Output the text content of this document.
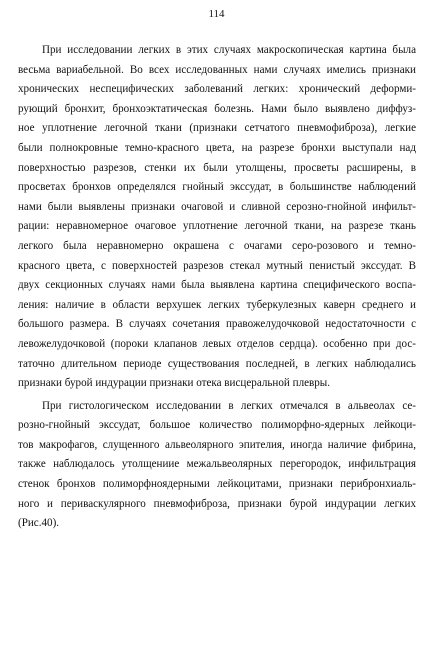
114
При исследовании легких в этих случаях макроскопическая картина была
весьма вариабельной. Во всех исследованных нами случаях имелись признаки
хронических неспецифических заболеваний легких: хронический деформи-
рующий бронхит, бронхоэктатическая болезнь. Нами было выявлено диффуз-
ное уплотнение легочной ткани (признаки сетчатого пневмофиброза), легкие
были полнокровные темно-красного цвета, на разрезе бронхи выступали над
поверхностью разрезов, стенки их были утолщены, просветы расширены, в
просветах бронхов определялся гнойный экссудат, в большинстве наблюдений
нами были выявлены признаки очаговой и сливной серозно-гнойной инфильт-
рации: неравномерное очаговое уплотнение легочной ткани, на разрезе ткань
легкого была неравномерно окрашена с очагами серо-розового и темно-
красного цвета, с поверхностей разрезов стекал мутный пенистый экссудат. В
двух секционных случаях нами была выявлена картина специфического воспа-
ления: наличие в области верхушек легких туберкулезных каверн среднего и
большого размера. В случаях сочетания правожелудочковой недостаточности с
левожелудочковой (пороки клапанов левых отделов сердца). особенно при дос-
таточно длительном периоде существования последней, в легких наблюдались
признаки бурой индурации признаки отека висцеральной плевры.
При гистологическом исследовании в легких отмечался в альвеолах се-
розно-гнойный экссудат, большое количество полиморфно-ядерных лейкоци-
тов макрофагов, слущенного альвеолярного эпителия, иногда наличие фибрина,
также наблюдалось утолщениие межальвеолярных перегородок, инфильтрация
стенок бронхов полиморфноядерными лейкоцитами, признаки перибронхиаль-
ного и периваскулярного пневмофиброза, признаки бурой индурации легких
(Рис.40).
